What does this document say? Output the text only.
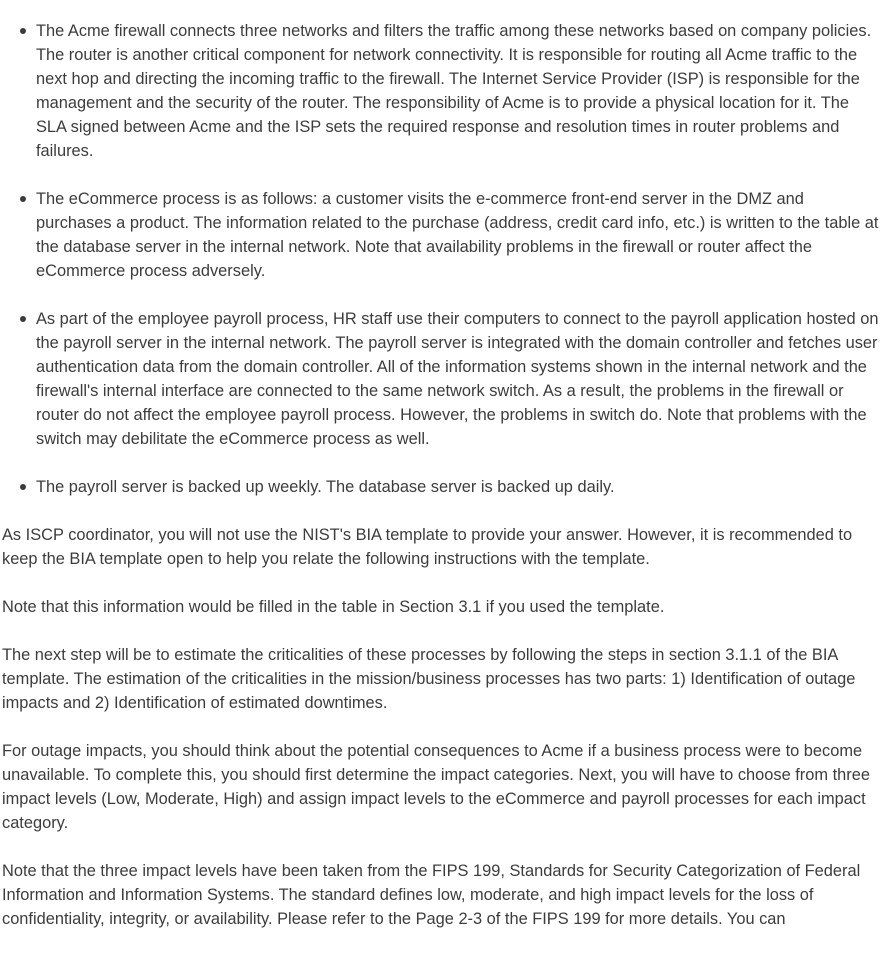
The Acme firewall connects three networks and filters the traffic among these networks based on company policies. The router is another critical component for network connectivity. It is responsible for routing all Acme traffic to the next hop and directing the incoming traffic to the firewall. The Internet Service Provider (ISP) is responsible for the management and the security of the router. The responsibility of Acme is to provide a physical location for it. The SLA signed between Acme and the ISP sets the required response and resolution times in router problems and failures.
The eCommerce process is as follows: a customer visits the e-commerce front-end server in the DMZ and purchases a product. The information related to the purchase (address, credit card info, etc.) is written to the table at the database server in the internal network. Note that availability problems in the firewall or router affect the eCommerce process adversely.
As part of the employee payroll process, HR staff use their computers to connect to the payroll application hosted on the payroll server in the internal network. The payroll server is integrated with the domain controller and fetches user authentication data from the domain controller. All of the information systems shown in the internal network and the firewall's internal interface are connected to the same network switch. As a result, the problems in the firewall or router do not affect the employee payroll process. However, the problems in switch do. Note that problems with the switch may debilitate the eCommerce process as well.
The payroll server is backed up weekly. The database server is backed up daily.

As ISCP coordinator, you will not use the NIST's BIA template to provide your answer. However, it is recommended to keep the BIA template open to help you relate the following instructions with the template.

Note that this information would be filled in the table in Section 3.1 if you used the template.

The next step will be to estimate the criticalities of these processes by following the steps in section 3.1.1 of the BIA template. The estimation of the criticalities in the mission/business processes has two parts: 1) Identification of outage impacts and 2) Identification of estimated downtimes.

For outage impacts, you should think about the potential consequences to Acme if a business process were to become unavailable. To complete this, you should first determine the impact categories. Next, you will have to choose from three impact levels (Low, Moderate, High) and assign impact levels to the eCommerce and payroll processes for each impact category.

Note that the three impact levels have been taken from the FIPS 199, Standards for Security Categorization of Federal Information and Information Systems. The standard defines low, moderate, and high impact levels for the loss of confidentiality, integrity, or availability. Please refer to the Page 2-3 of the FIPS 199 for more details. You can
